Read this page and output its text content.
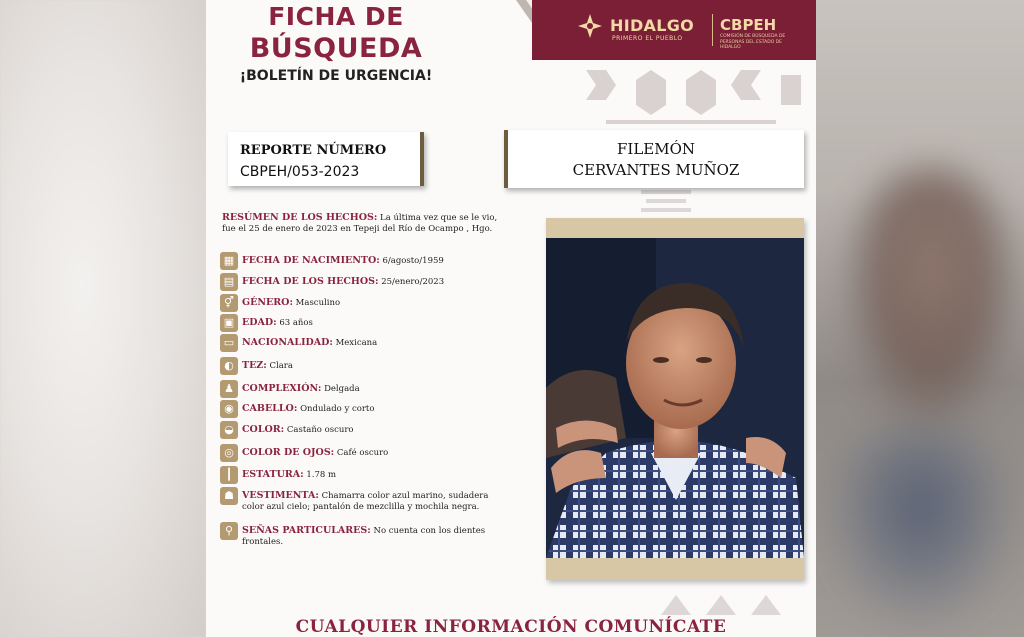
FICHA DE
BÚSQUEDA
¡BOLETÍN DE URGENCIA!
HIDALGO
PRIMERO EL PUEBLO
CBPEH
COMISIÓN DE BÚSQUEDA DE PERSONAS DEL ESTADO DE HIDALGO
REPORTE NÚMERO
CBPEH/053-2023
FILEMÓN
CERVANTES MUÑOZ
RESÚMEN DE LOS HECHOS: La última vez que se le vio, fue el 25 de enero de 2023 en Tepeji del Río de Ocampo , Hgo.
▦ FECHA DE NACIMIENTO: 6/agosto/1959
▤ FECHA DE LOS HECHOS: 25/enero/2023
⚥ GÉNERO: Masculino
▣ EDAD: 63 años
▭ NACIONALIDAD: Mexicana
◐ TEZ: Clara
♟ COMPLEXIÓN: Delgada
◉ CABELLO: Ondulado y corto
◒ COLOR: Castaño oscuro
◎ COLOR DE OJOS: Café oscuro
┃	ESTATURA: 1.78 m
☗ VESTIMENTA: Chamarra color azul marino, sudadera color azul cielo; pantalón de mezclilla y mochila negra.
⚲ SEÑAS PARTICULARES: No cuenta con los dientes frontales.
CUALQUIER INFORMACIÓN COMUNÍCATE
